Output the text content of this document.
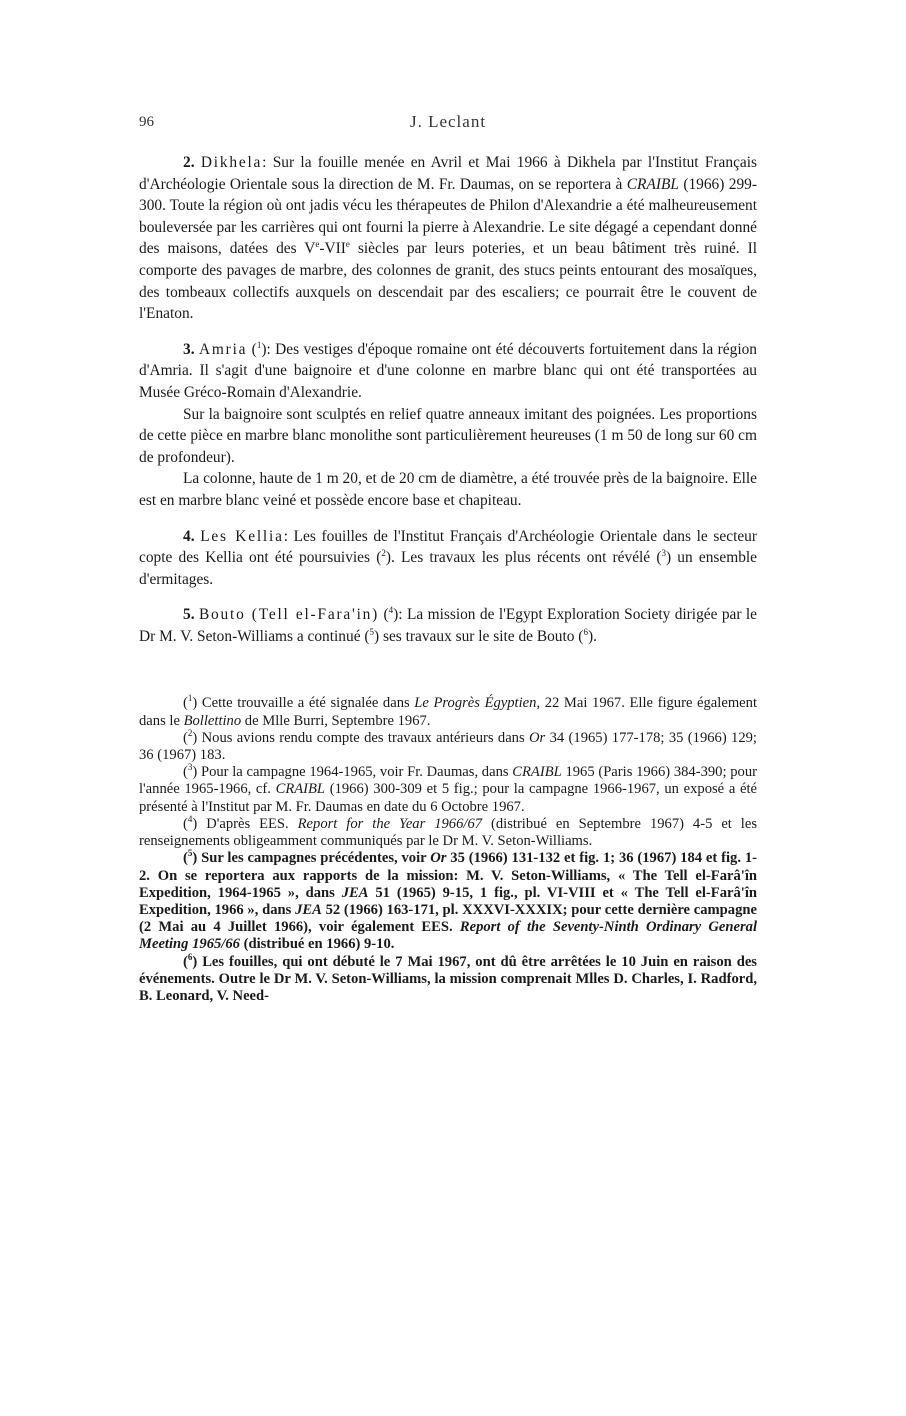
96	J. Leclant

2. Dikhela: Sur la fouille menée en Avril et Mai 1966 à Dikhela par l'Institut Français d'Archéologie Orientale sous la direction de M. Fr. Daumas, on se reportera à CRAIBL (1966) 299-300. Toute la région où ont jadis vécu les thérapeutes de Philon d'Alexandrie a été malheureusement bouleversée par les carrières qui ont fourni la pierre à Alexandrie. Le site dégagé a cependant donné des maisons, datées des Ve-VIIe siècles par leurs poteries, et un beau bâtiment très ruiné. Il comporte des pavages de marbre, des colonnes de granit, des stucs peints entourant des mosaïques, des tombeaux collectifs auxquels on descendait par des escaliers; ce pourrait être le couvent de l'Enaton.

3. Amria ($^1$): Des vestiges d'époque romaine ont été découverts fortuitement dans la région d'Amria. Il s'agit d'une baignoire et d'une colonne en marbre blanc qui ont été transportées au Musée Gréco-Romain d'Alexandrie.

Sur la baignoire sont sculptés en relief quatre anneaux imitant des poignées. Les proportions de cette pièce en marbre blanc monolithe sont particulièrement heureuses (1 m 50 de long sur 60 cm de profondeur).

La colonne, haute de 1 m 20, et de 20 cm de diamètre, a été trouvée près de la baignoire. Elle est en marbre blanc veiné et possède encore base et chapiteau.

4. Les Kellia: Les fouilles de l'Institut Français d'Archéologie Orientale dans le secteur copte des Kellia ont été poursuivies ($^2$). Les travaux les plus récents ont révélé ($^3$) un ensemble d'ermitages.

5. Bouto (Tell el-Fara'in) ($^4$): La mission de l'Egypt Exploration Society dirigée par le Dr M. V. Seton-Williams a continué ($^5$) ses travaux sur le site de Bouto ($^6$).

($^1$) Cette trouvaille a été signalée dans Le Progrès Égyptien, 22 Mai 1967. Elle figure également dans le Bollettino de Mlle Burri, Septembre 1967.

($^2$) Nous avions rendu compte des travaux antérieurs dans Or 34 (1965) 177-178; 35 (1966) 129; 36 (1967) 183.

($^3$) Pour la campagne 1964-1965, voir Fr. Daumas, dans CRAIBL 1965 (Paris 1966) 384-390; pour l'année 1965-1966, cf. CRAIBL (1966) 300-309 et 5 fig.; pour la campagne 1966-1967, un exposé a été présenté à l'Institut par M. Fr. Daumas en date du 6 Octobre 1967.

($^4$) D'après EES. Report for the Year 1966/67 (distribué en Septembre 1967) 4-5 et les renseignements obligeamment communiqués par le Dr M. V. Seton-Williams.

($^5$) Sur les campagnes précédentes, voir Or 35 (1966) 131-132 et fig. 1; 36 (1967) 184 et fig. 1-2. On se reportera aux rapports de la mission: M. V. Seton-Williams, « The Tell el-Farâ'în Expedition, 1964-1965 », dans JEA 51 (1965) 9-15, 1 fig., pl. VI-VIII et « The Tell el-Farâ'în Expedition, 1966 », dans JEA 52 (1966) 163-171, pl. XXXVI-XXXIX; pour cette dernière campagne (2 Mai au 4 Juillet 1966), voir également EES. Report of the Seventy-Ninth Ordinary General Meeting 1965/66 (distribué en 1966) 9-10.

($^6$) Les fouilles, qui ont débuté le 7 Mai 1967, ont dû être arrêtées le 10 Juin en raison des événements. Outre le Dr M. V. Seton-Williams, la mission comprenait Mlles D. Charles, I. Radford, B. Leonard, V. Need-
